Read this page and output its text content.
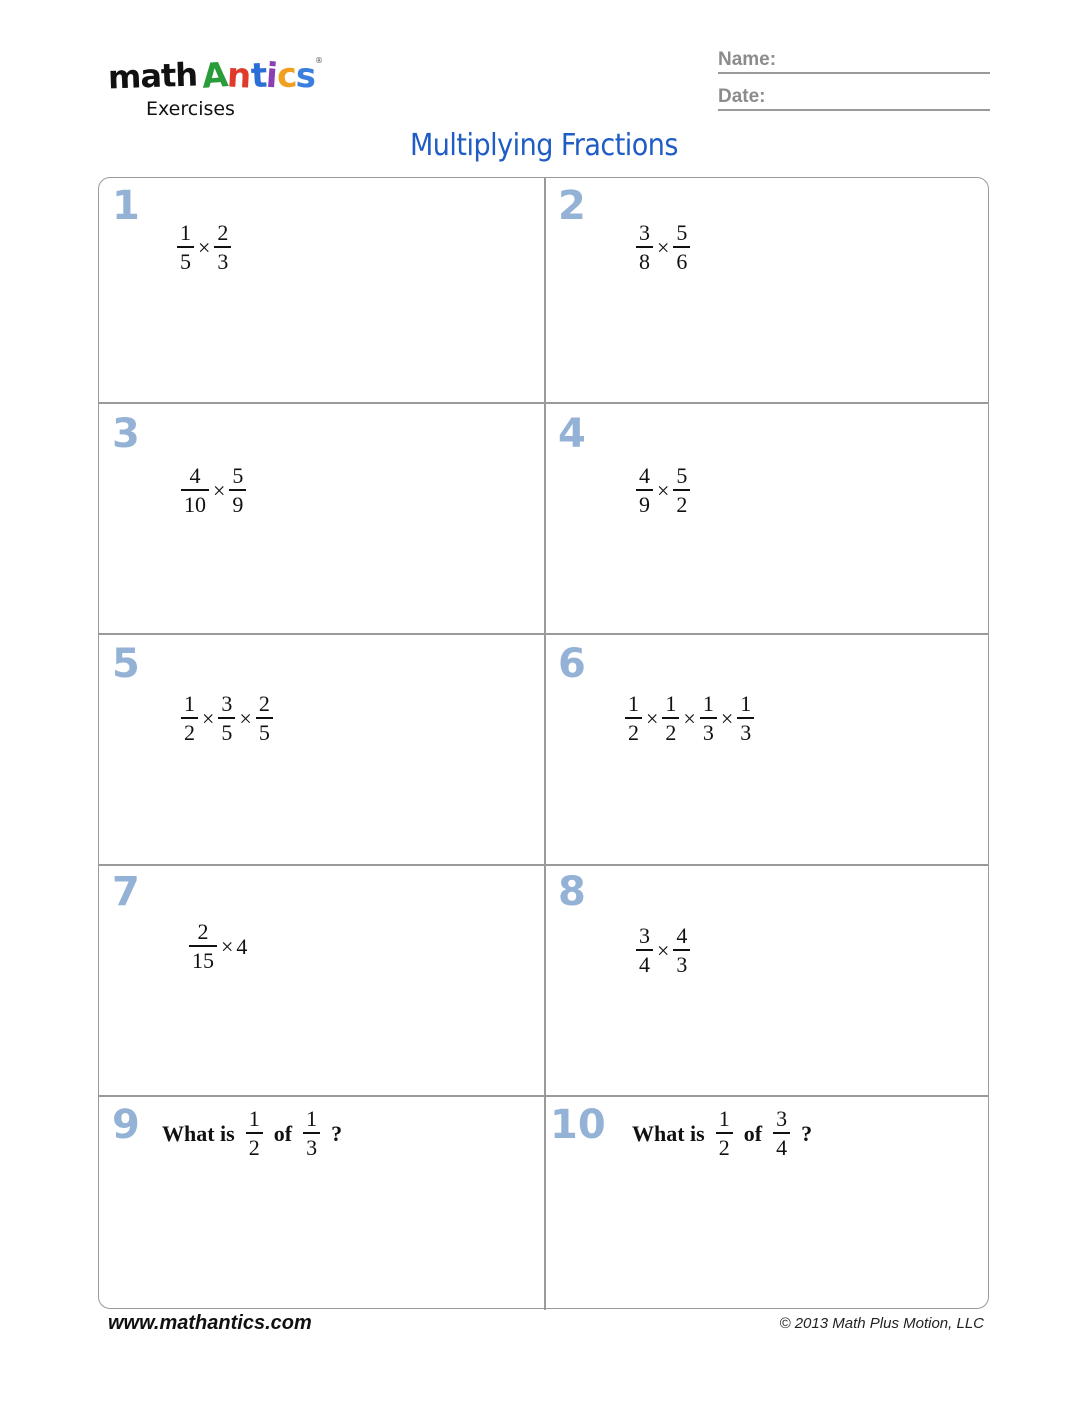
math Antics®
Exercises
Name:
Date:
Multiplying Fractions
1
$\frac{1}{5} \times \frac{2}{3}$
2
$\frac{3}{8} \times \frac{5}{6}$
3
$\frac{4}{10} \times \frac{5}{9}$
4
$\frac{4}{9} \times \frac{5}{2}$
5
$\frac{1}{2} \times \frac{3}{5} \times \frac{2}{5}$
6
$\frac{1}{2} \times \frac{1}{2} \times \frac{1}{3} \times \frac{1}{3}$
7
$\frac{2}{15} \times 4$
8
$\frac{3}{4} \times \frac{4}{3}$
9 What is $\frac{1}{2}$ of $\frac{1}{3}$ ?	10 What is $\frac{1}{2}$ of $\frac{3}{4}$ ?
www.mathantics.com	© 2013 Math Plus Motion, LLC
